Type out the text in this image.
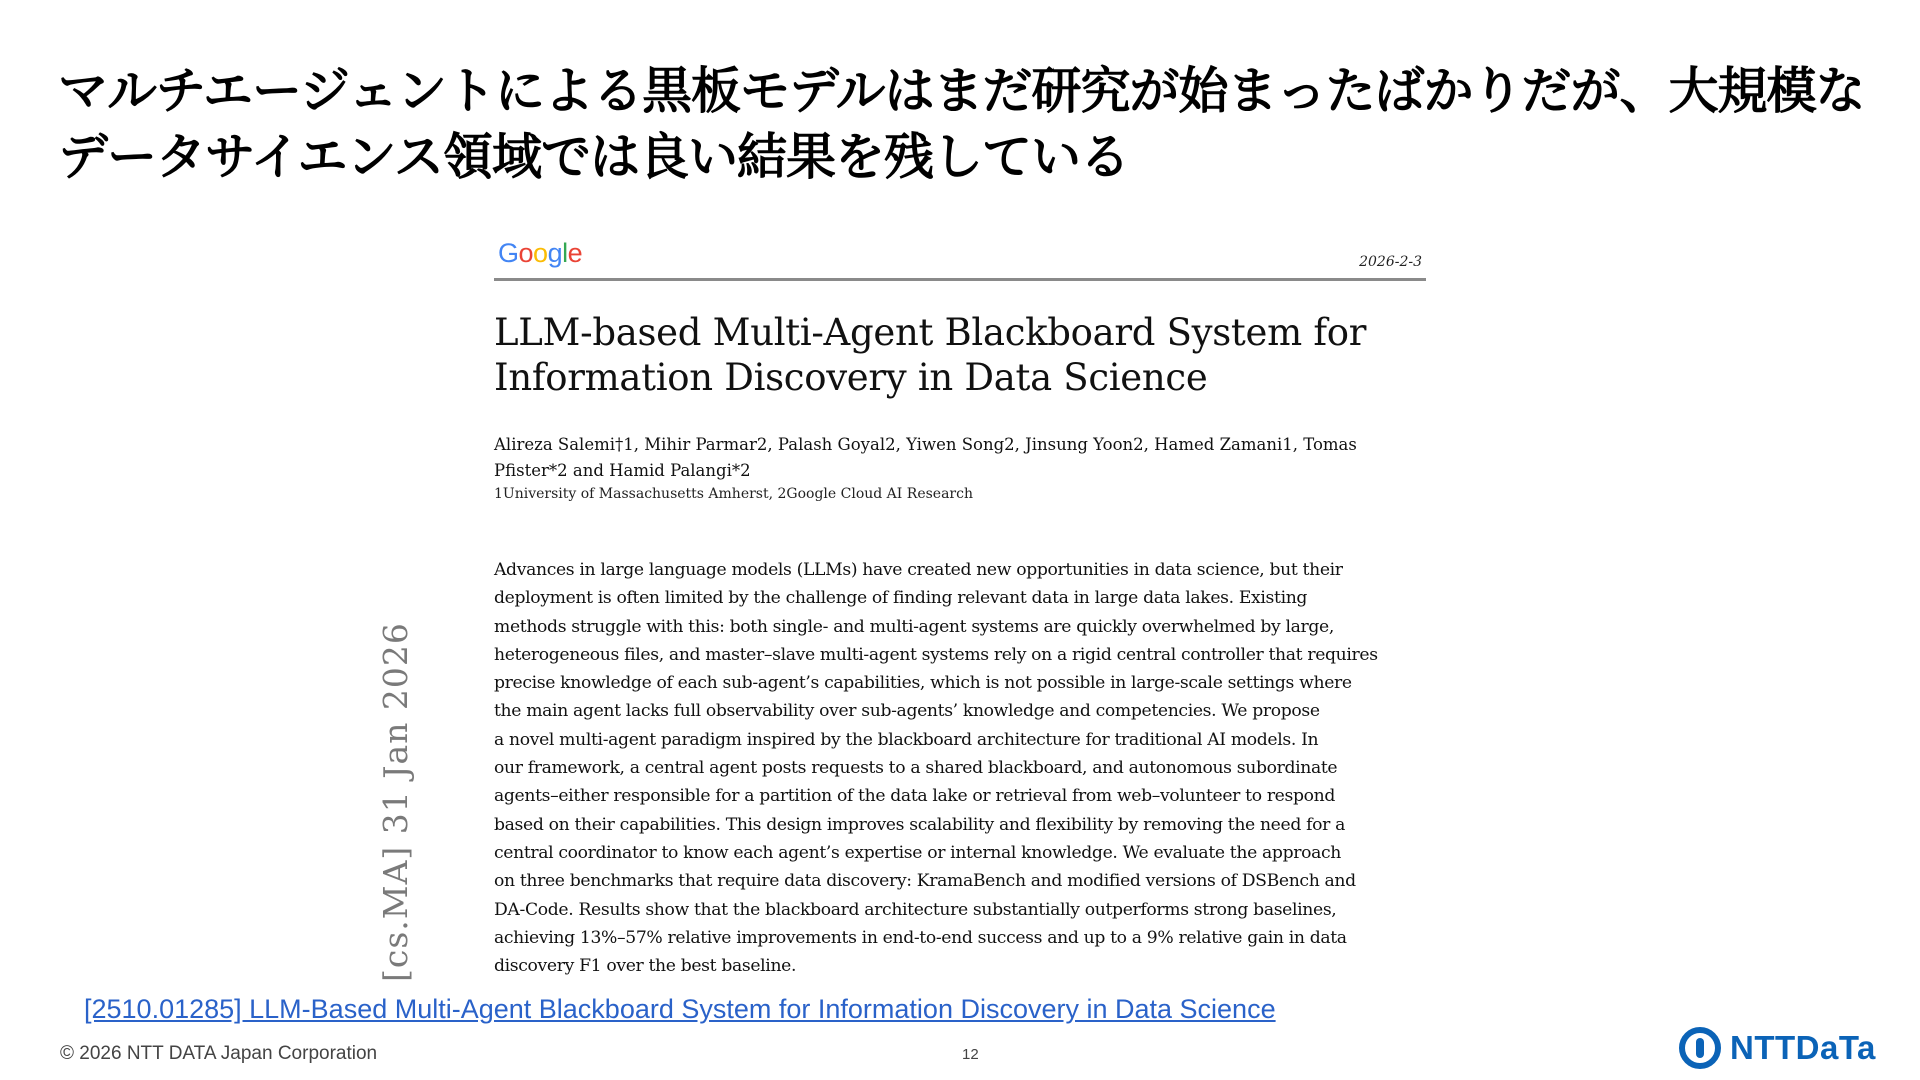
マルチエージェントによる黒板モデルはまだ研究が始まったばかりだが、大規模な
データサイエンス領域では良い結果を残している
Google	2026-2-3
LLM-based Multi-Agent Blackboard System for
Information Discovery in Data Science
Alireza Salemi†1, Mihir Parmar2, Palash Goyal2, Yiwen Song2, Jinsung Yoon2, Hamed Zamani1, Tomas
Pfister*2 and Hamid Palangi*2
1University of Massachusetts Amherst, 2Google Cloud AI Research
Advances in large language models (LLMs) have created new opportunities in data science, but their
deployment is often limited by the challenge of finding relevant data in large data lakes. Existing
methods struggle with this: both single- and multi-agent systems are quickly overwhelmed by large,
heterogeneous files, and master–slave multi-agent systems rely on a rigid central controller that requires
precise knowledge of each sub-agent’s capabilities, which is not possible in large-scale settings where
the main agent lacks full observability over sub-agents’ knowledge and competencies. We propose
a novel multi-agent paradigm inspired by the blackboard architecture for traditional AI models. In
our framework, a central agent posts requests to a shared blackboard, and autonomous subordinate
agents–either responsible for a partition of the data lake or retrieval from web–volunteer to respond
based on their capabilities. This design improves scalability and flexibility by removing the need for a
central coordinator to know each agent’s expertise or internal knowledge. We evaluate the approach
on three benchmarks that require data discovery: KramaBench and modified versions of DSBench and
DA-Code. Results show that the blackboard architecture substantially outperforms strong baselines,
achieving 13%–57% relative improvements in end-to-end success and up to a 9% relative gain in data
discovery F1 over the best baseline.
[cs.MA] 31 Jan 2026
[2510.01285] LLM-Based Multi-Agent Blackboard System for Information Discovery in Data Science
© 2026 NTT DATA Japan Corporation	12	NTTDaTa
